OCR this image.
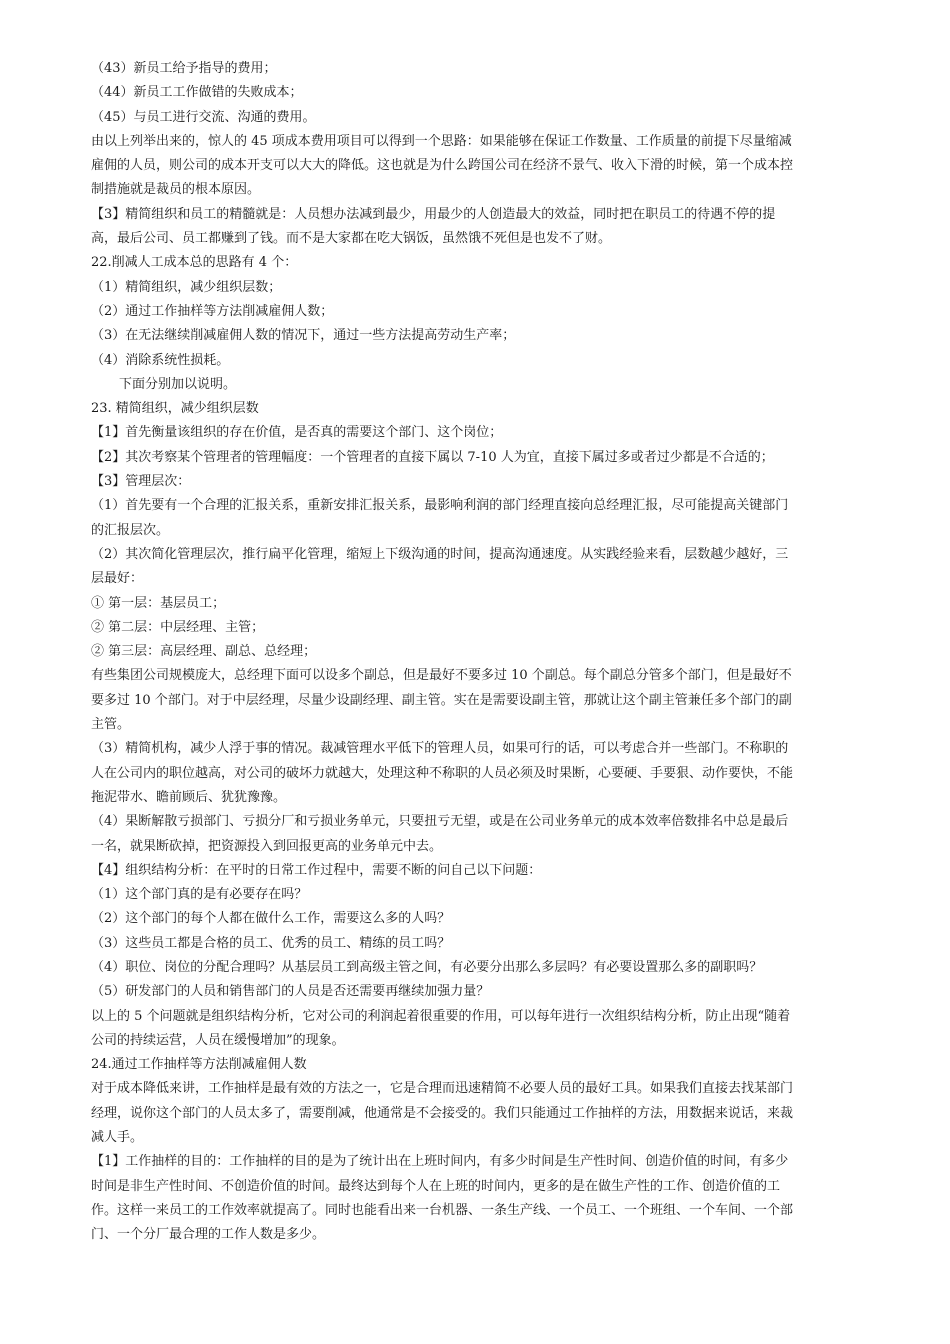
（43）新员工给予指导的费用；
（44）新员工工作做错的失败成本；
（45）与员工进行交流、沟通的费用。
由以上列举出来的，惊人的 45 项成本费用项目可以得到一个思路：如果能够在保证工作数量、工作质量的前提下尽量缩减
雇佣的人员，则公司的成本开支可以大大的降低。这也就是为什么跨国公司在经济不景气、收入下滑的时候，第一个成本控
制措施就是裁员的根本原因。
【3】精简组织和员工的精髓就是：人员想办法减到最少，用最少的人创造最大的效益，同时把在职员工的待遇不停的提
高，最后公司、员工都赚到了钱。而不是大家都在吃大锅饭，虽然饿不死但是也发不了财。
22.削减人工成本总的思路有 4 个：
（1）精简组织，减少组织层数；
（2）通过工作抽样等方法削减雇佣人数；
（3）在无法继续削减雇佣人数的情况下，通过一些方法提高劳动生产率；
（4）消除系统性损耗。
下面分别加以说明。
23. 精简组织，减少组织层数
【1】首先衡量该组织的存在价值，是否真的需要这个部门、这个岗位；
【2】其次考察某个管理者的管理幅度：一个管理者的直接下属以 7-10 人为宜，直接下属过多或者过少都是不合适的；
【3】管理层次：
（1）首先要有一个合理的汇报关系，重新安排汇报关系，最影响利润的部门经理直接向总经理汇报，尽可能提高关键部门
的汇报层次。
（2）其次简化管理层次，推行扁平化管理，缩短上下级沟通的时间，提高沟通速度。从实践经验来看，层数越少越好，三
层最好：
① 第一层：基层员工；
② 第二层：中层经理、主管；
② 第三层：高层经理、副总、总经理；
有些集团公司规模庞大，总经理下面可以设多个副总，但是最好不要多过 10 个副总。每个副总分管多个部门，但是最好不
要多过 10 个部门。对于中层经理，尽量少设副经理、副主管。实在是需要设副主管，那就让这个副主管兼任多个部门的副
主管。
（3）精简机构，减少人浮于事的情况。裁减管理水平低下的管理人员，如果可行的话，可以考虑合并一些部门。不称职的
人在公司内的职位越高，对公司的破坏力就越大，处理这种不称职的人员必须及时果断，心要硬、手要狠、动作要快，不能
拖泥带水、瞻前顾后、犹犹豫豫。
（4）果断解散亏损部门、亏损分厂和亏损业务单元，只要扭亏无望，或是在公司业务单元的成本效率倍数排名中总是最后
一名，就果断砍掉，把资源投入到回报更高的业务单元中去。
【4】组织结构分析：在平时的日常工作过程中，需要不断的问自己以下问题：
（1）这个部门真的是有必要存在吗？
（2）这个部门的每个人都在做什么工作，需要这么多的人吗？
（3）这些员工都是合格的员工、优秀的员工、精练的员工吗？
（4）职位、岗位的分配合理吗？从基层员工到高级主管之间，有必要分出那么多层吗？有必要设置那么多的副职吗？
（5）研发部门的人员和销售部门的人员是否还需要再继续加强力量？
以上的 5 个问题就是组织结构分析，它对公司的利润起着很重要的作用，可以每年进行一次组织结构分析，防止出现“随着
公司的持续运营，人员在缓慢增加”的现象。
24.通过工作抽样等方法削减雇佣人数
对于成本降低来讲，工作抽样是最有效的方法之一，它是合理而迅速精简不必要人员的最好工具。如果我们直接去找某部门
经理，说你这个部门的人员太多了，需要削减，他通常是不会接受的。我们只能通过工作抽样的方法，用数据来说话，来裁
减人手。
【1】工作抽样的目的：工作抽样的目的是为了统计出在上班时间内，有多少时间是生产性时间、创造价值的时间，有多少
时间是非生产性时间、不创造价值的时间。最终达到每个人在上班的时间内，更多的是在做生产性的工作、创造价值的工
作。这样一来员工的工作效率就提高了。同时也能看出来一台机器、一条生产线、一个员工、一个班组、一个车间、一个部
门、一个分厂最合理的工作人数是多少。
